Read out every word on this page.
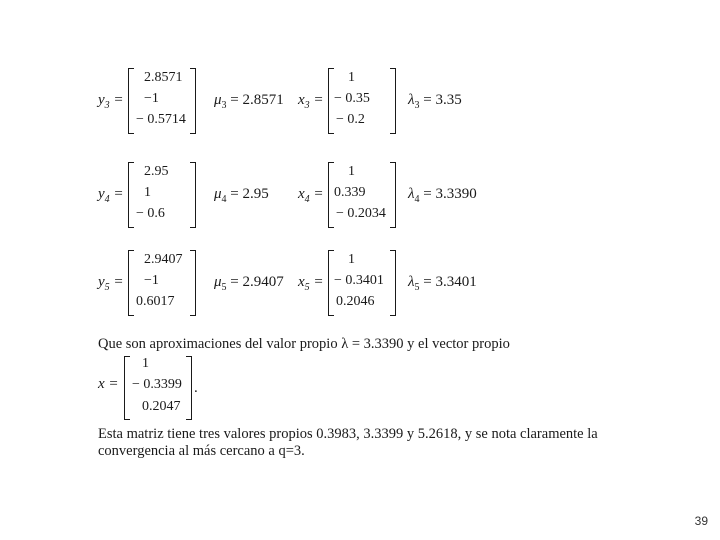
$y_3$ =
2.8571
−1
− 0.5714
$\mu_3 = 2.8571$ $x_3$ =
1
− 0.35
− 0.2
$\lambda_3 = 3.35$
$y_4$ =
2.95
1
− 0.6
$\mu_4 = 2.95$ $x_4$ =
1
0.339
− 0.2034
$\lambda_4 = 3.3390$
$y_5$ =
2.9407
−1
0.6017
$\mu_5 = 2.9407$ $x_5$ =
1
− 0.3401
0.2046
$\lambda_5 = 3.3401$
Que son aproximaciones del valor propio λ = 3.3390 y el vector propio
x =
1
− 0.3399
0.2047
.
Esta matriz tiene tres valores propios 0.3983, 3.3399 y 5.2618, y se nota claramente la
convergencia al más cercano a q=3.
39
